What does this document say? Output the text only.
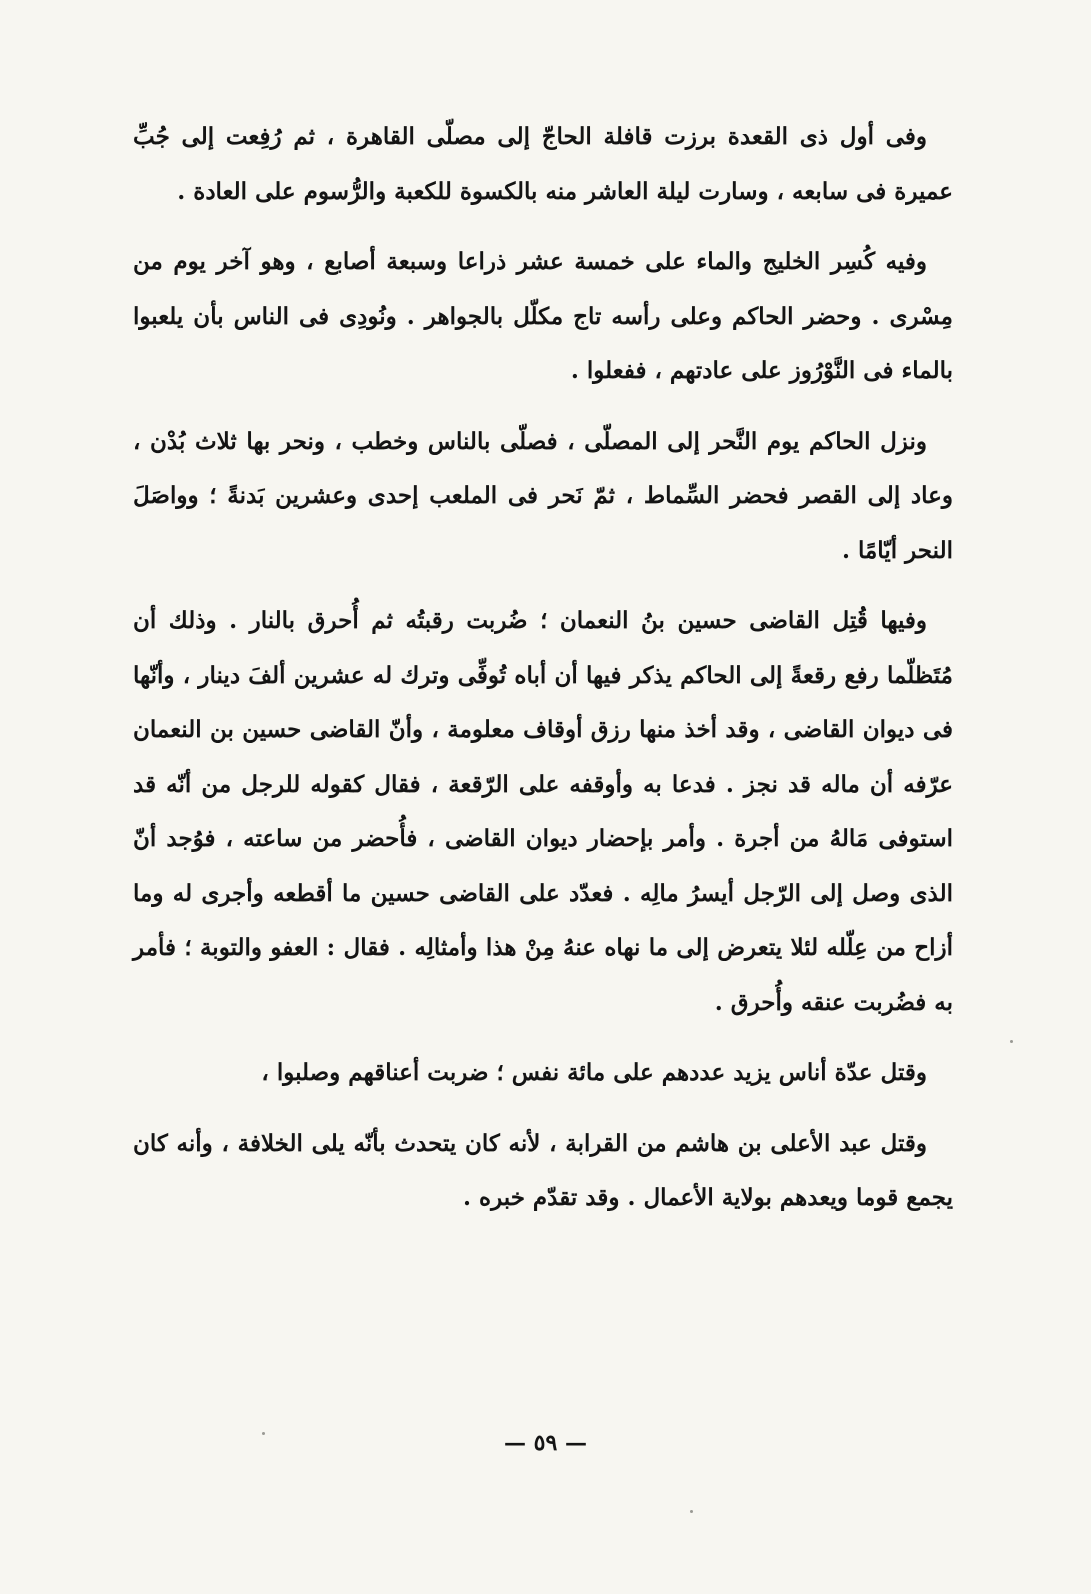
وفى أول ذى القعدة برزت قافلة الحاجّ إلى مصلّى القاهرة ، ثم رُفِعت إلى جُبِّ عميرة فى سابعه ، وسارت ليلة العاشر منه بالكسوة للكعبة والرُّسوم على العادة .

وفيه كُسِر الخليج والماء على خمسة عشر ذراعا وسبعة أصابع ، وهو آخر يوم من مِسْرى . وحضر الحاكم وعلى رأسه تاج مكلّل بالجواهر . ونُودِى فى الناس بأن يلعبوا بالماء فى النَّوْرُوز على عادتهم ، ففعلوا .

ونزل الحاكم يوم النَّحر إلى المصلّى ، فصلّى بالناس وخطب ، ونحر بها ثلاث بُدْن ، وعاد إلى القصر فحضر السِّماط ، ثمّ نَحر فى الملعب إحدى وعشرين بَدنةً ؛ وواصَلَ النحر أيّامًا .

وفيها قُتِل القاضى حسين بنُ النعمان ؛ ضُربت رقبتُه ثم أُحرق بالنار . وذلك أن مُتَظلّما رفع رقعةً إلى الحاكم يذكر فيها أن أباه تُوفِّى وترك له عشرين ألفَ دينار ، وأنّها فى ديوان القاضى ، وقد أخذ منها رزق أوقاف معلومة ، وأنّ القاضى حسين بن النعمان عرّفه أن ماله قد نجز . فدعا به وأوقفه على الرّقعة ، فقال كقوله للرجل من أنّه قد استوفى مَالهُ من أجرة . وأمر بإحضار ديوان القاضى ، فأُحضر من ساعته ، فوُجد أنّ الذى وصل إلى الرّجل أيسرُ مالِه . فعدّد على القاضى حسين ما أقطعه وأجرى له وما أزاح من عِلّله لئلا يتعرض إلى ما نهاه عنهُ مِنْ هذا وأمثالِه . فقال : العفو والتوبة ؛ فأمر به فضُربت عنقه وأُحرق .

وقتل عدّة أناس يزيد عددهم على مائة نفس ؛ ضربت أعناقهم وصلبوا ،

وقتل عبد الأعلى بن هاشم من القرابة ، لأنه كان يتحدث بأنّه يلى الخلافة ، وأنه كان يجمع قوما ويعدهم بولاية الأعمال . وقد تقدّم خبره .

— ٥٩ —
